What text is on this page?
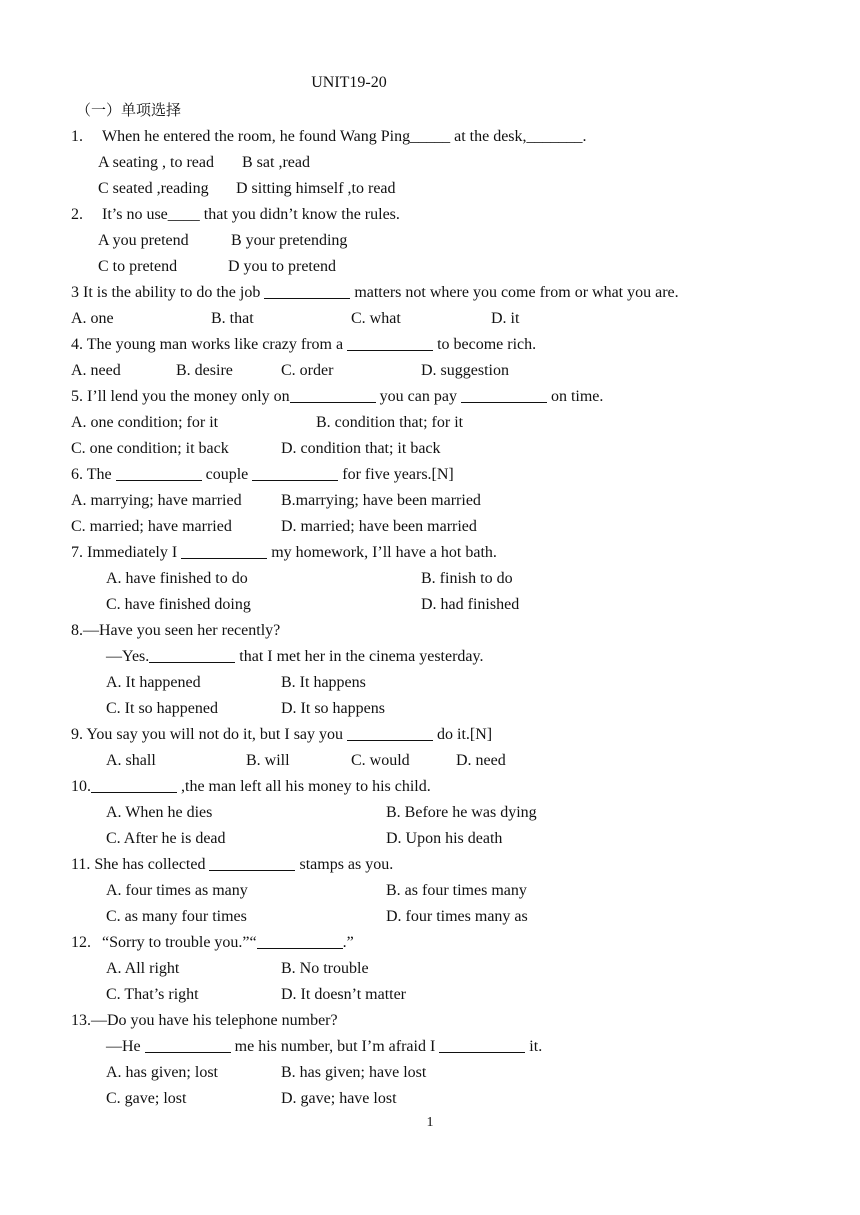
UNIT19-20
（一）单项选择
1. When he entered the room, he found Wang Ping_____ at the desk,_______.
A seating , to read B sat ,read
C seated ,reading D sitting himself ,to read
2. It’s no use____ that you didn’t know the rules.
A you pretend	B your pretending
C to pretend	D you to pretend
3 It is the ability to do the job	matters not where you come from or what you are.
A. one	B. that	C. what	D. it
4. The young man works like crazy from a	to become rich.
A. need	B. desire	C. order	D. suggestion
5. I’ll lend you the money only on	you can pay	on time.
A. one condition; for it	B. condition that; for it
C. one condition; it back	D. condition that; it back
6. The	couple	for five years.[N]
A. marrying; have married B.marrying; have been married
C. married; have married	D. married; have been married
7. Immediately I	my homework, I’ll have a hot bath.
A. have finished to do	B. finish to do
C. have finished doing	D. had finished
8.—Have you seen her recently?
—Yes.	that I met her in the cinema yesterday.
A. It happened	B. It happens
C. It so happened	D. It so happens
9. You say you will not do it, but I say you	do it.[N]
A. shall	B. will	C. would	D. need
10.	,the man left all his money to his child.
A. When he dies	B. Before he was dying
C. After he is dead	D. Upon his death
11. She has collected	stamps as you.
A. four times as many	B. as four times many
C. as many four times	D. four times many as
12. “Sorry to trouble you.”“	.”
A. All right	B. No trouble
C. That’s right	D. It doesn’t matter
13.—Do you have his telephone number?
—He	me his number, but I’m afraid I	it.
A. has given; lost	B. has given; have lost
C. gave; lost	D. gave; have lost
1
